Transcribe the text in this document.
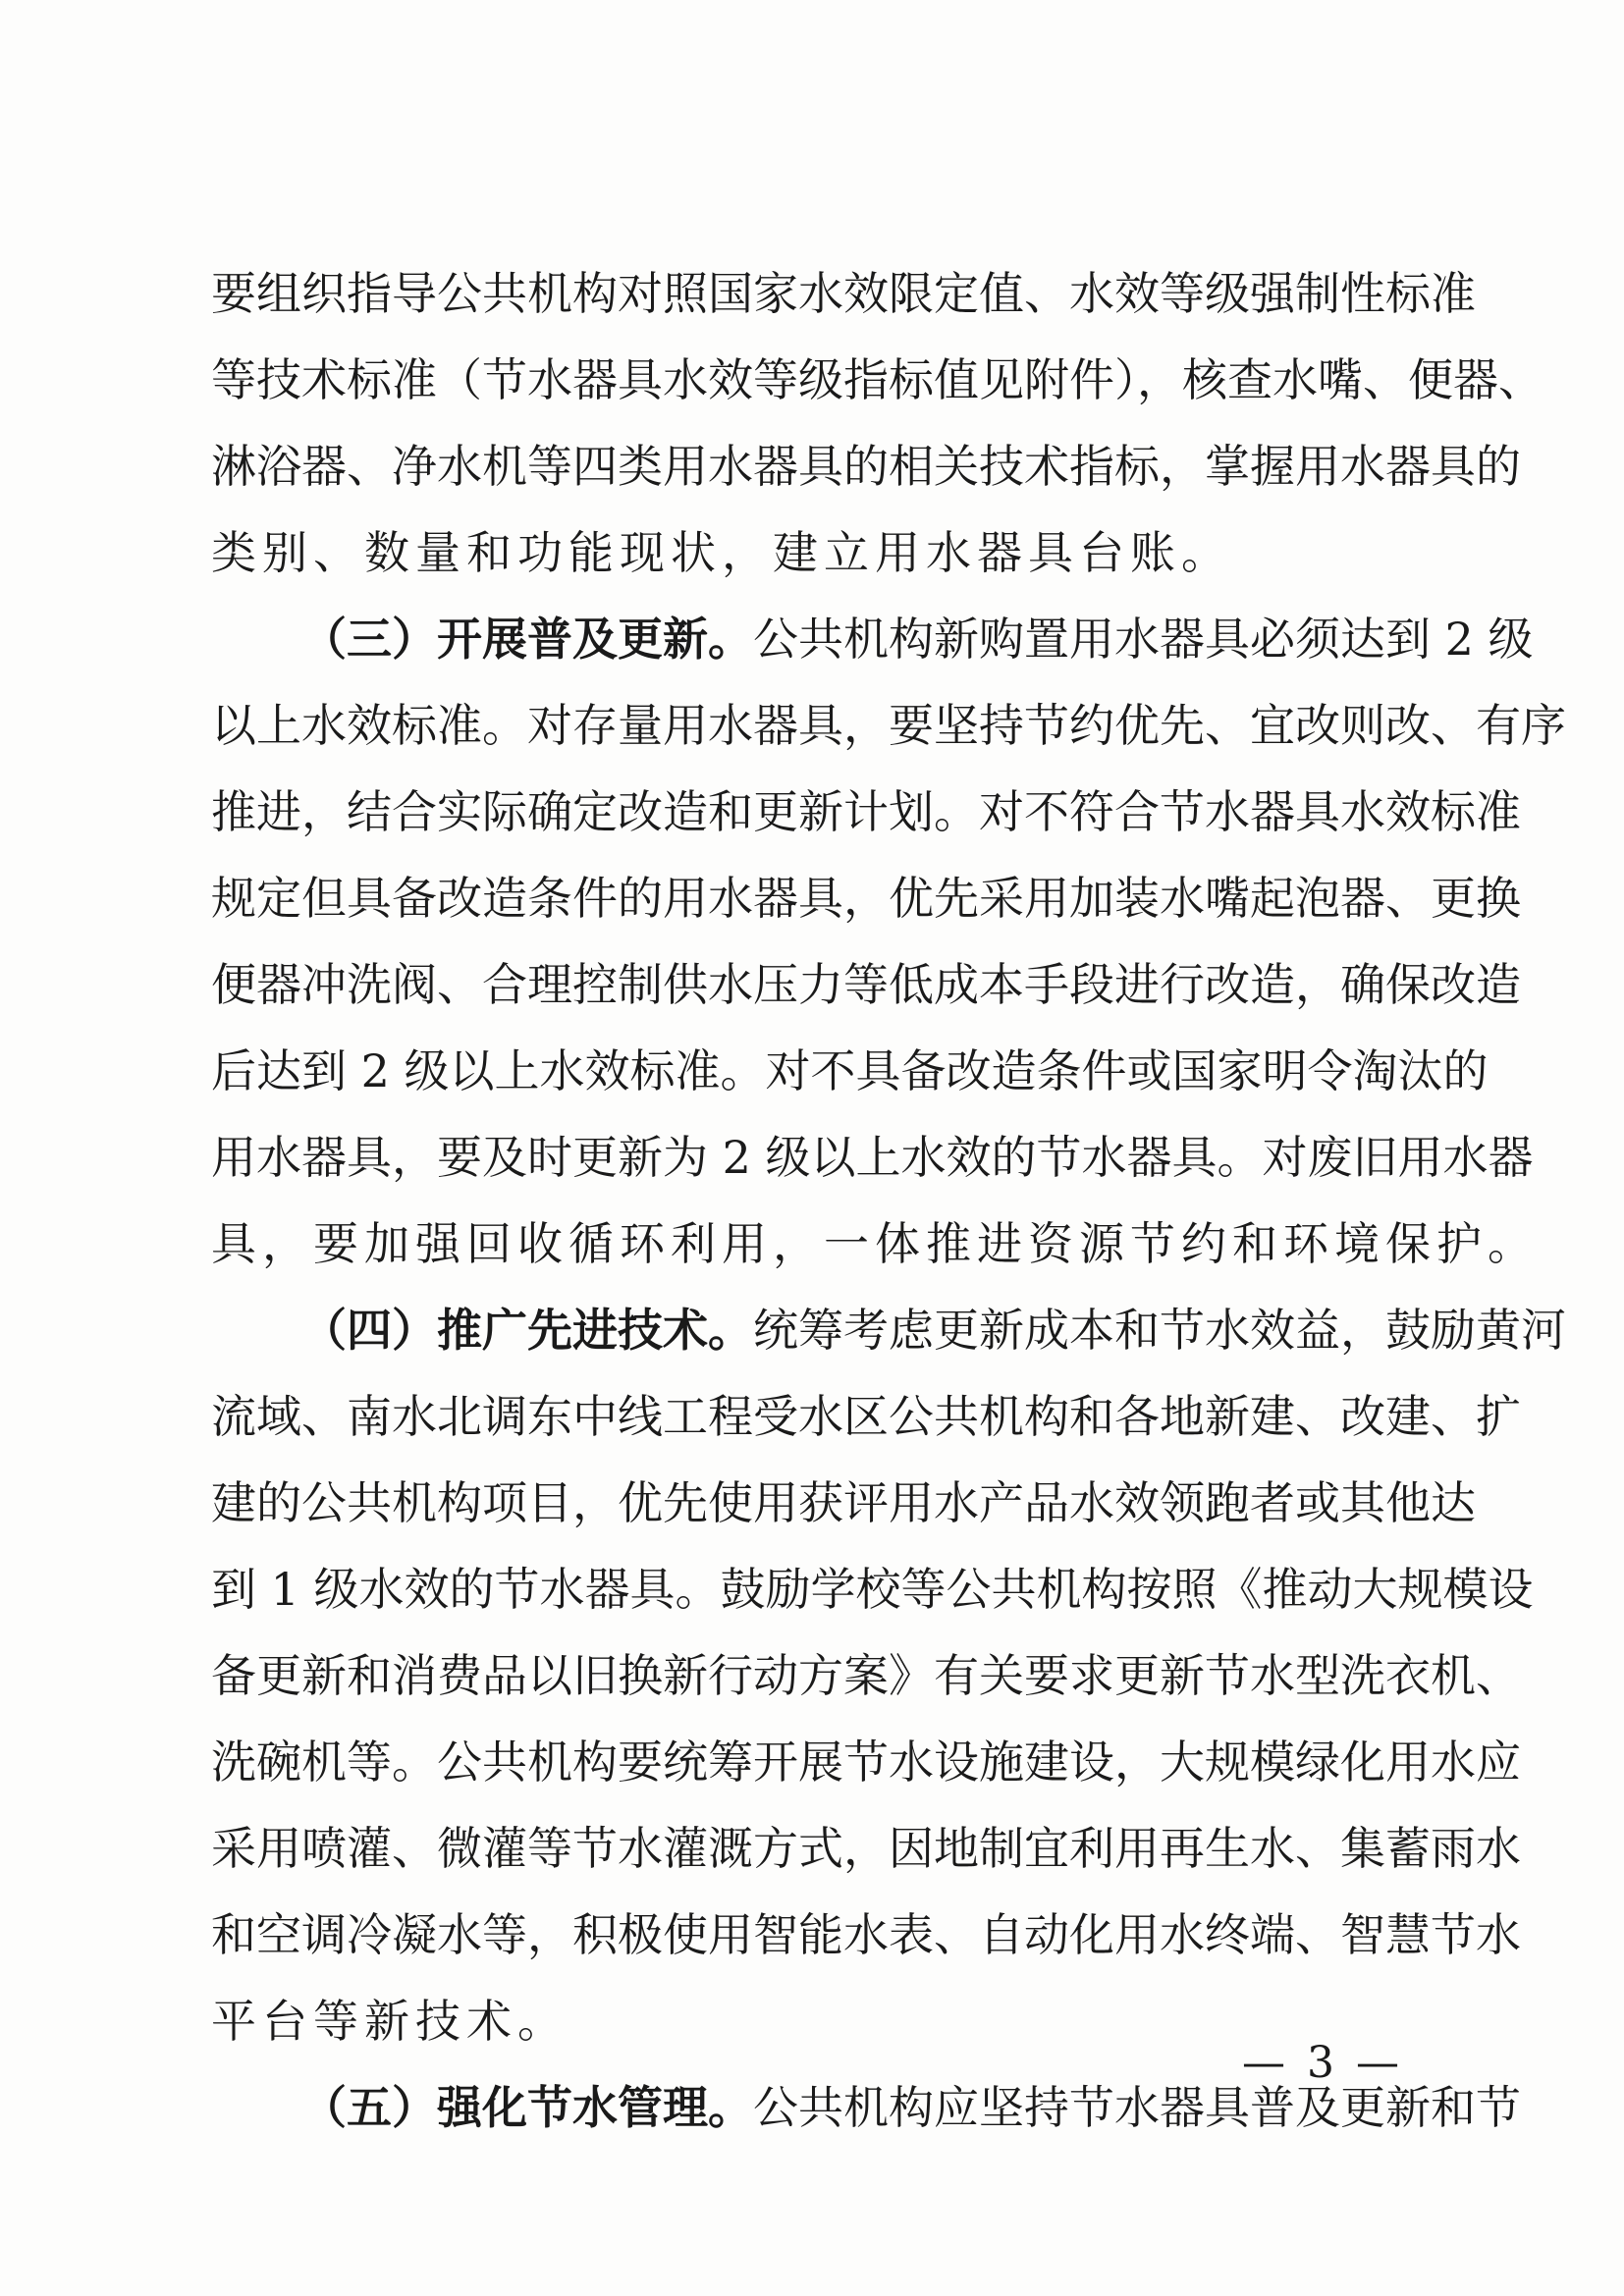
要组织指导公共机构对照国家水效限定值、水效等级强制性标准
等技术标准（节水器具水效等级指标值见附件），核查水嘴、便器、
淋浴器、净水机等四类用水器具的相关技术指标，掌握用水器具的
类别、数量和功能现状，建立用水器具台账。
（三）开展普及更新。公共机构新购置用水器具必须达到 2 级
以上水效标准。对存量用水器具，要坚持节约优先、宜改则改、有序
推进，结合实际确定改造和更新计划。对不符合节水器具水效标准
规定但具备改造条件的用水器具，优先采用加装水嘴起泡器、更换
便器冲洗阀、合理控制供水压力等低成本手段进行改造，确保改造
后达到 2 级以上水效标准。对不具备改造条件或国家明令淘汰的
用水器具，要及时更新为 2 级以上水效的节水器具。对废旧用水器
具，要加强回收循环利用，一体推进资源节约和环境保护。
（四）推广先进技术。统筹考虑更新成本和节水效益，鼓励黄河
流域、南水北调东中线工程受水区公共机构和各地新建、改建、扩
建的公共机构项目，优先使用获评用水产品水效领跑者或其他达
到 1 级水效的节水器具。鼓励学校等公共机构按照《推动大规模设
备更新和消费品以旧换新行动方案》有关要求更新节水型洗衣机、
洗碗机等。公共机构要统筹开展节水设施建设，大规模绿化用水应
采用喷灌、微灌等节水灌溉方式，因地制宜利用再生水、集蓄雨水
和空调冷凝水等，积极使用智能水表、自动化用水终端、智慧节水
平台等新技术。
（五）强化节水管理。公共机构应坚持节水器具普及更新和节
— 3 —
